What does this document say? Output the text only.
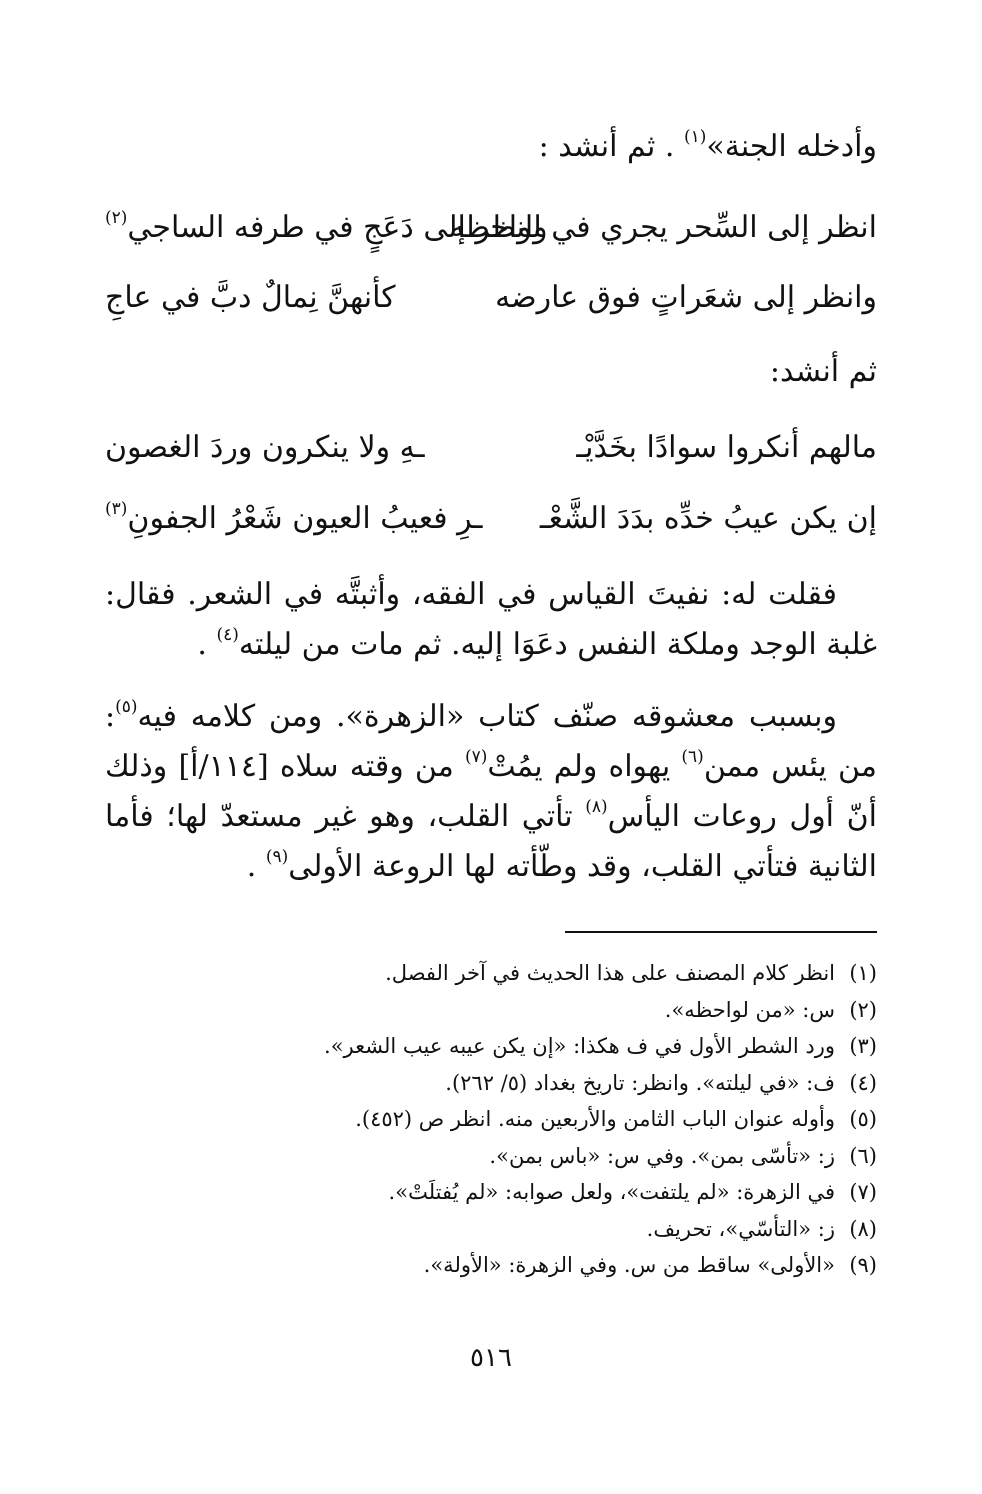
وأدخله الجنة»$^{(١)}$ . ثم أنشد :
انظر إلى السِّحر يجري في لواحظه
وانظر إلى دَعَجٍ في طرفه الساجي$^{(٢)}$
وانظر إلى شعَراتٍ فوق عارضه
كأنهنَّ نِمالٌ دبَّ في عاجِ
ثم أنشد:
مالهم أنكروا سوادًا بخَدَّيْـ
ـهِ ولا ينكرون وردَ الغصون
إن يكن عيبُ خدِّه بدَدَ الشَّعْـ
ـرِ فعيبُ العيون شَعْرُ الجفونِ$^{(٣)}$
فقلت له: نفيتَ القياس في الفقه، وأثبتَّه في الشعر. فقال: غلبة الوجد وملكة النفس دعَوَا إليه. ثم مات من ليلته$^{(٤)}$ .
وبسبب معشوقه صنّف كتاب «الزهرة». ومن كلامه فيه$^{(٥)}$: من يئس ممن$^{(٦)}$ يهواه ولم يمُتْ$^{(٧)}$ من وقته سلاه [١١٤/أ] وذلك أنّ أول روعات اليأس$^{(٨)}$ تأتي القلب، وهو غير مستعدّ لها؛ فأما الثانية فتأتي القلب، وقد وطّأته لها الروعة الأولى$^{(٩)}$ .
(١)انظر كلام المصنف على هذا الحديث في آخر الفصل.
(٢)س: «من لواحظه».
(٣)ورد الشطر الأول في ف هكذا: «إن يكن عيبه عيب الشعر».
(٤)ف: «في ليلته». وانظر: تاريخ بغداد (٥/ ٢٦٢).
(٥)وأوله عنوان الباب الثامن والأربعين منه. انظر ص (٤٥٢).
(٦)ز: «تأسّى بمن». وفي س: «باس بمن».
(٧)في الزهرة: «لم يلتفت»، ولعل صوابه: «لم يُفتلَتْ».
(٨)ز: «التأسّي»، تحريف.
(٩)«الأولى» ساقط من س. وفي الزهرة: «الأولة».
٥١٦
